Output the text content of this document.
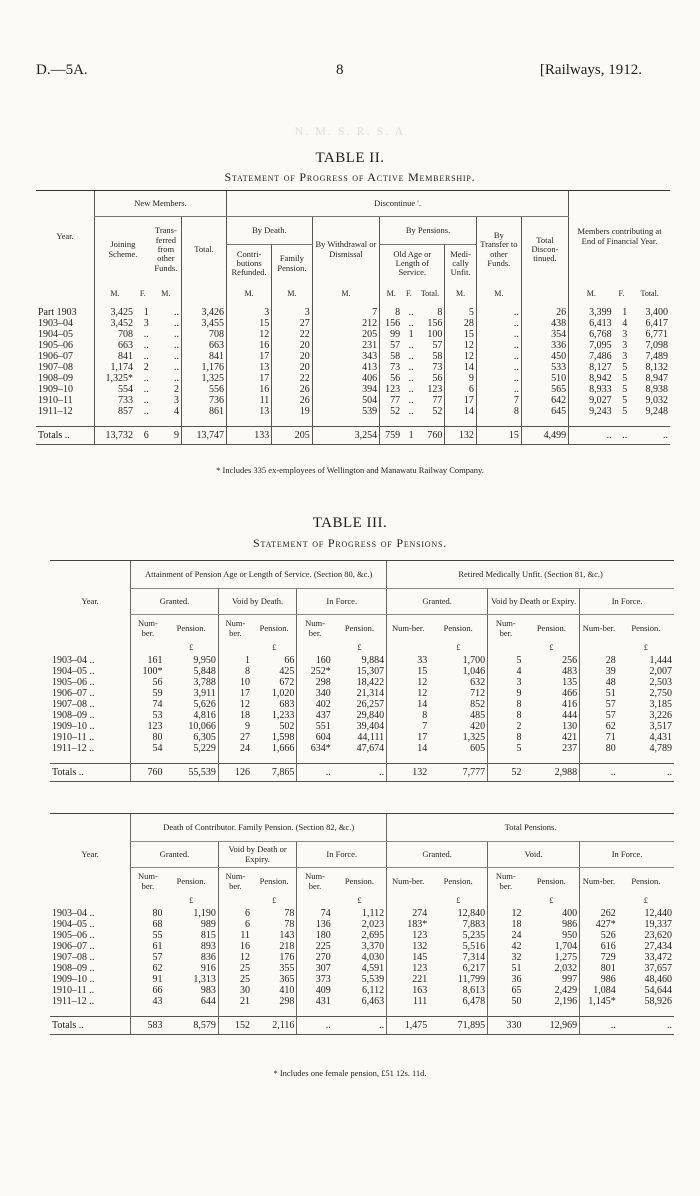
D.—5A.	8	[Railways, 1912.
N. M. S. R. S. A
TABLE II.
Statement of Progress of Active Membership.
Year.	New Members.				Discontinue '.									Members contributing at End of Financial Year.		
	Joining Scheme.		Trans-ferred from other Funds.	Total.	By Death.		By Withdrawal or Dismissal	By Pensions.				By Transfer to other Funds.	Total Discon-tinued.			
					Contri-butions Refunded.	Family Pension.		Old Age or Length of Service.			Medi-cally Unfit.					
	M.	F.	M.		M.	M.	M.	M.	F.	Total.	M.	M.		M.	F.	Total.
Part 1903	3,425	1	..	3,426	3	3	7	8	..	8	5	..	26	3,399	1	3,400
1903–04	3,452	3	..	3,455	15	27	212	156	..	156	28	..	438	6,413	4	6,417
1904–05	708	..	..	708	12	22	205	99	1	100	15	..	354	6,768	3	6,771
1905–06	663	..	..	663	16	20	231	57	..	57	12	..	336	7,095	3	7,098
1906–07	841	..	..	841	17	20	343	58	..	58	12	..	450	7,486	3	7,489
1907–08	1,174	2	..	1,176	13	20	413	73	..	73	14	..	533	8,127	5	8,132
1908–09	1,325*	..	..	1,325	17	22	406	56	..	56	9	..	510	8,942	5	8,947
1909–10	554	..	2	556	16	26	394	123	..	123	6	..	565	8,933	5	8,938
1910–11	733	..	3	736	11	26	504	77	..	77	17	7	642	9,027	5	9,032
1911–12	857	..	4	861	13	19	539	52	..	52	14	8	645	9,243	5	9,248

Totals ..	13,732	6	9	13,747	133	205	3,254	759	1	760	132	15	4,499	..	..	..
* Includes 335 ex-employees of Wellington and Manawatu Railway Company.
TABLE III.
Statement of Progress of Pensions.
Year.	Attainment of Pension Age or Length of Service. (Section 80, &c.)						Retired Medically Unfit. (Section 81, &c.)					
	Granted.		Void by Death.		In Force.		Granted.		Void by Death or Expiry.		In Force.	
	Num-ber.	Pension.	Num-ber.	Pension.	Num-ber.	Pension.	Num-ber.	Pension.	Num-ber.	Pension.	Num-ber.	Pension.
		£		£		£		£		£		£
1903–04 ..	161	9,950	1	66	160	9,884	33	1,700	5	256	28	1,444
1904–05 ..	100*	5,848	8	425	252*	15,307	15	1,046	4	483	39	2,007
1905–06 ..	56	3,788	10	672	298	18,422	12	632	3	135	48	2,503
1906–07 ..	59	3,911	17	1,020	340	21,314	12	712	9	466	51	2,750
1907–08 ..	74	5,626	12	683	402	26,257	14	852	8	416	57	3,185
1908–09 ..	53	4,816	18	1,233	437	29,840	8	485	8	444	57	3,226
1909–10 ..	123	10,066	9	502	551	39,404	7	420	2	130	62	3,517
1910–11 ..	80	6,305	27	1,598	604	44,111	17	1,325	8	421	71	4,431
1911–12 ..	54	5,229	24	1,666	634*	47,674	14	605	5	237	80	4,789

Totals ..	760	55,539	126	7,865	..	..	132	7,777	52	2,988	..	..
Year.	Death of Contributor. Family Pension. (Section 82, &c.)						Total Pensions.					
	Granted.		Void by Death or Expiry.		In Force.		Granted.		Void.		In Force.	
	Num-ber.	Pension.	Num-ber.	Pension.	Num-ber.	Pension.	Num-ber.	Pension.	Num-ber.	Pension.	Num-ber.	Pension.
		£		£		£		£		£		£
1903–04 ..	80	1,190	6	78	74	1,112	274	12,840	12	400	262	12,440
1904–05 ..	68	989	6	78	136	2,023	183*	7,883	18	986	427*	19,337
1905–06 ..	55	815	11	143	180	2,695	123	5,235	24	950	526	23,620
1906–07 ..	61	893	16	218	225	3,370	132	5,516	42	1,704	616	27,434
1907–08 ..	57	836	12	176	270	4,030	145	7,314	32	1,275	729	33,472
1908–09 ..	62	916	25	355	307	4,591	123	6,217	51	2,032	801	37,657
1909–10 ..	91	1,313	25	365	373	5,539	221	11,799	36	997	986	48,460
1910–11 ..	66	983	30	410	409	6,112	163	8,613	65	2,429	1,084	54,644
1911–12 ..	43	644	21	298	431	6,463	111	6,478	50	2,196	1,145*	58,926

Totals ..	583	8,579	152	2,116	..	..	1,475	71,895	330	12,969	..	..
* Includes one female pension, £51 12s. 11d.
